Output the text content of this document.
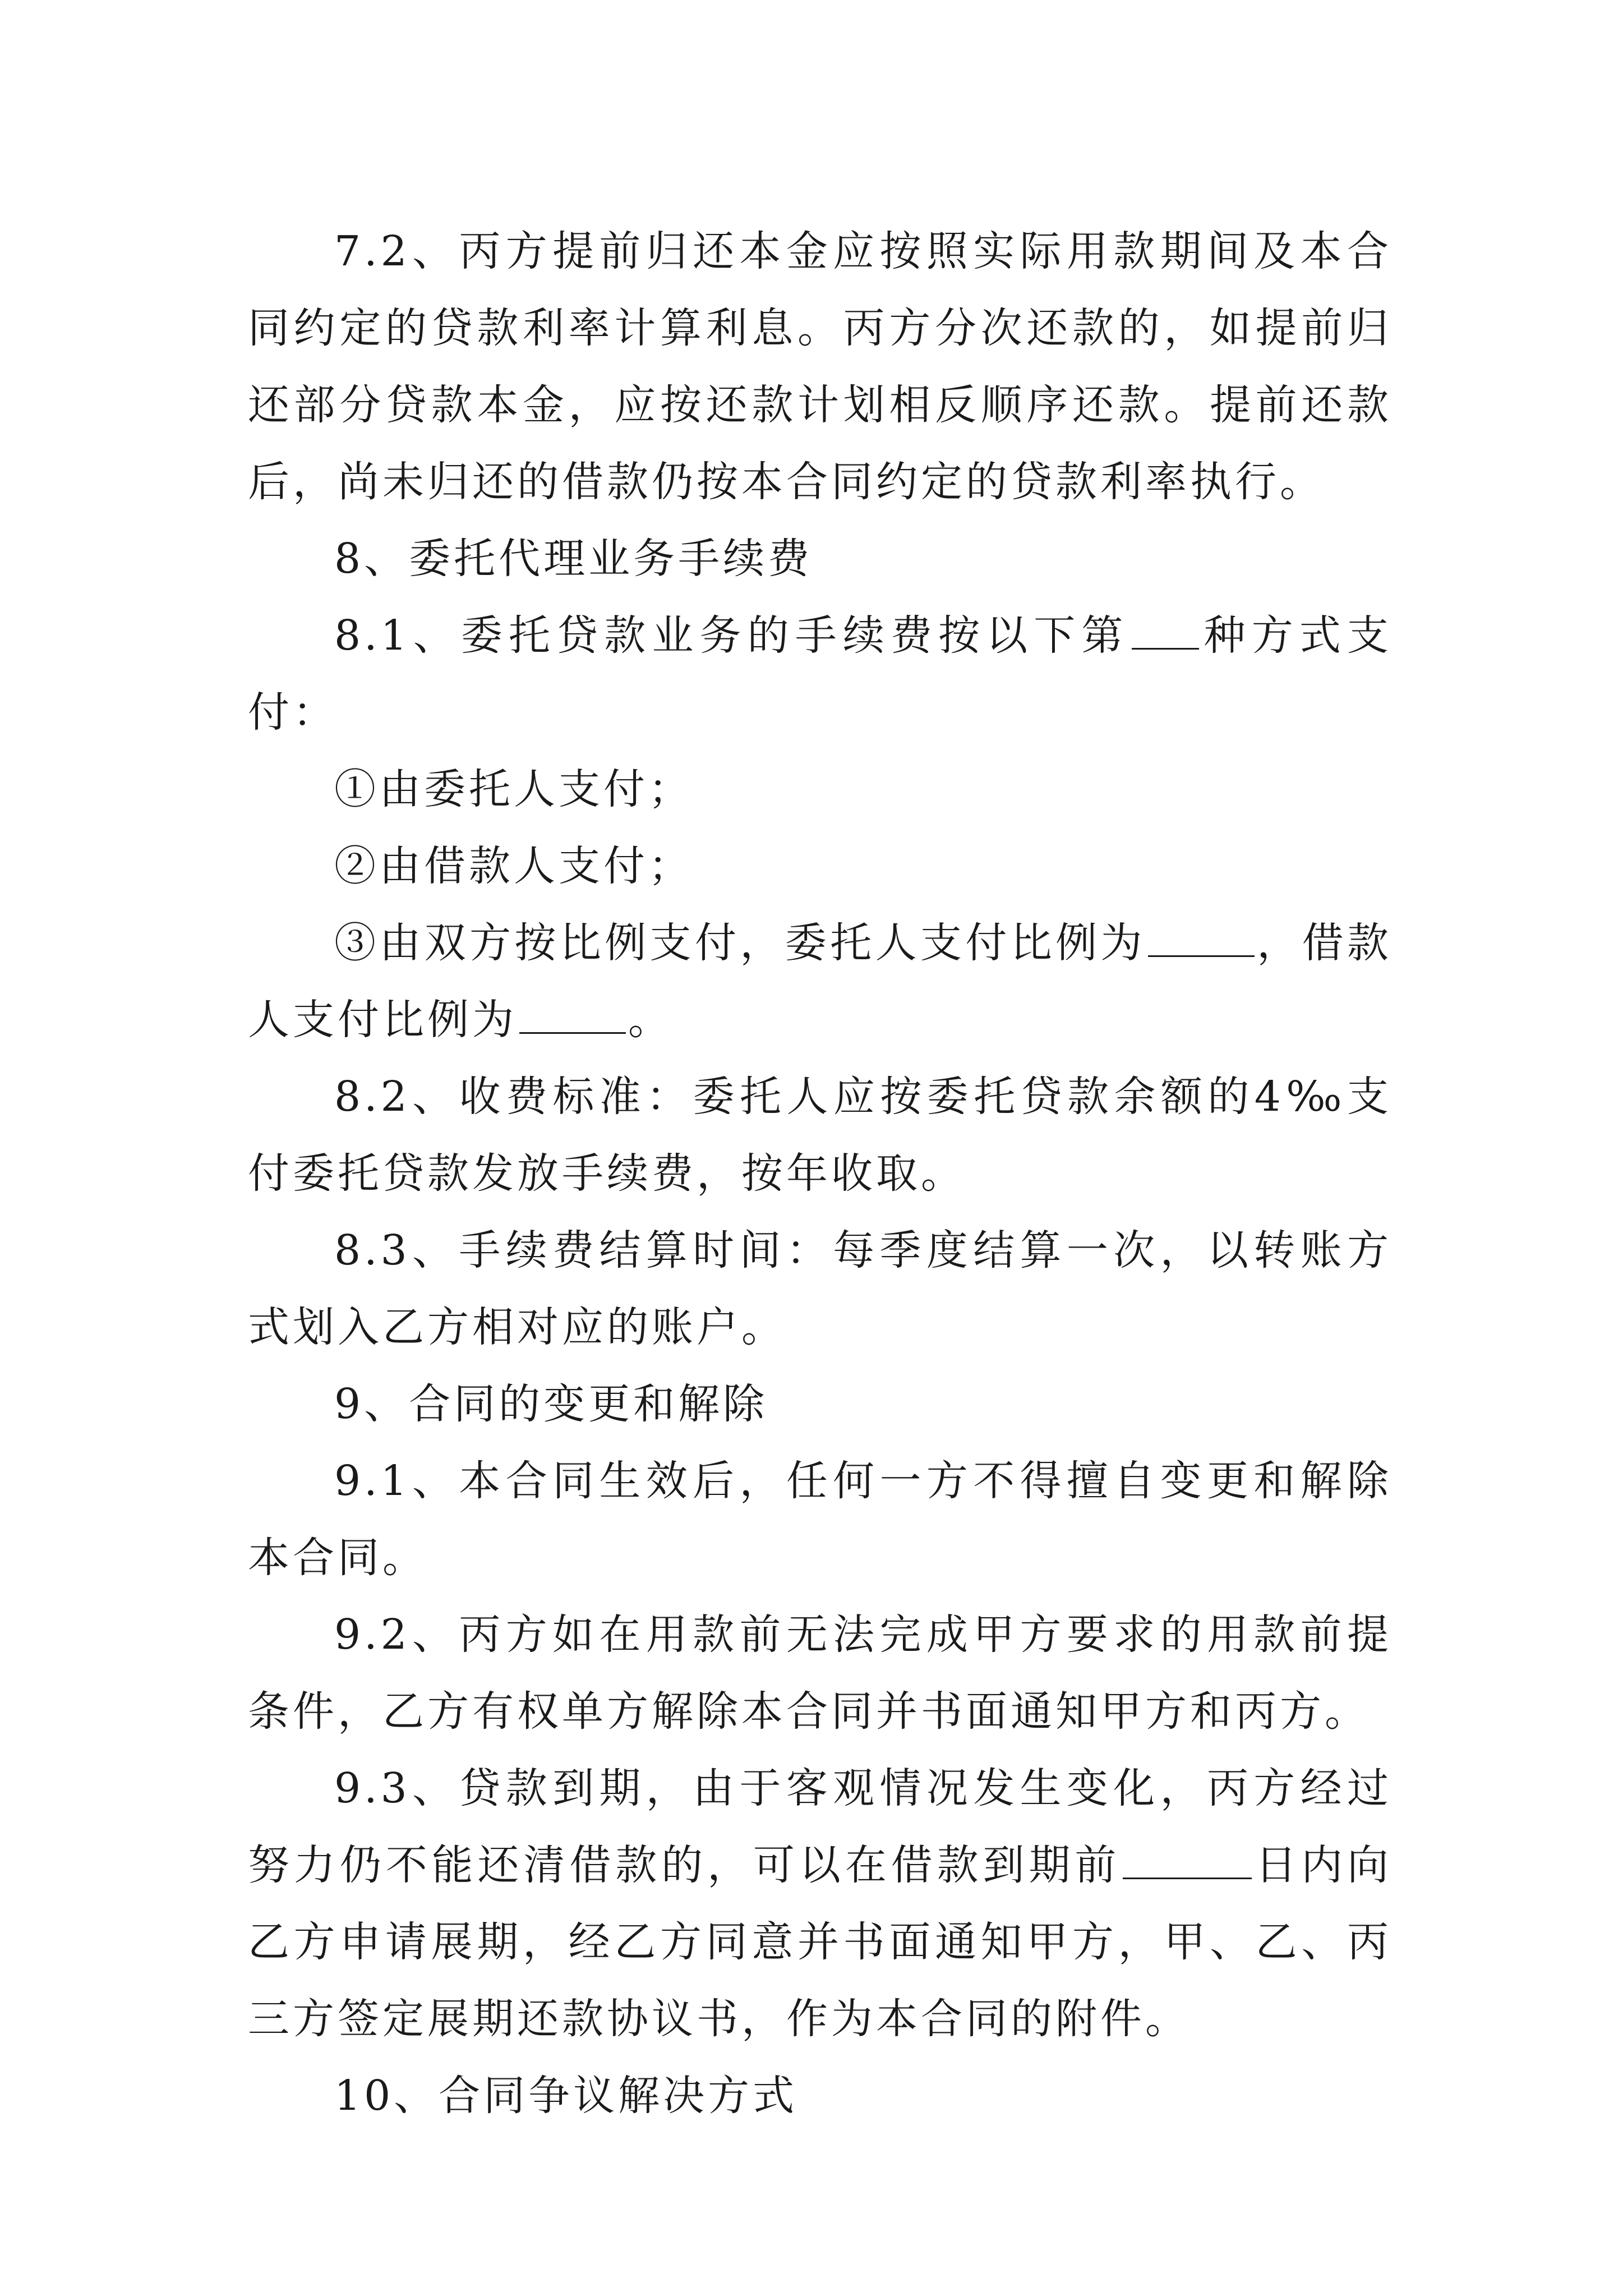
7.2、丙方提前归还本金应按照实际用款期间及本合同约定的贷款利率计算利息。丙方分次还款的，如提前归还部分贷款本金，应按还款计划相反顺序还款。提前还款后，尚未归还的借款仍按本合同约定的贷款利率执行。

8、委托代理业务手续费

8.1、委托贷款业务的手续费按以下第 种方式支付：

①由委托人支付；

②由借款人支付；

③由双方按比例支付，委托人支付比例为	，借款人支付比例为	。

8.2、收费标准：委托人应按委托贷款余额的4‰支付委托贷款发放手续费，按年收取。

8.3、手续费结算时间：每季度结算一次，以转账方式划入乙方相对应的账户。

9、合同的变更和解除

9.1、本合同生效后，任何一方不得擅自变更和解除本合同。

9.2、丙方如在用款前无法完成甲方要求的用款前提条件，乙方有权单方解除本合同并书面通知甲方和丙方。

9.3、贷款到期，由于客观情况发生变化，丙方经过努力仍不能还清借款的，可以在借款到期前	日内向乙方申请展期，经乙方同意并书面通知甲方，甲、乙、丙三方签定展期还款协议书，作为本合同的附件。

10、合同争议解决方式
